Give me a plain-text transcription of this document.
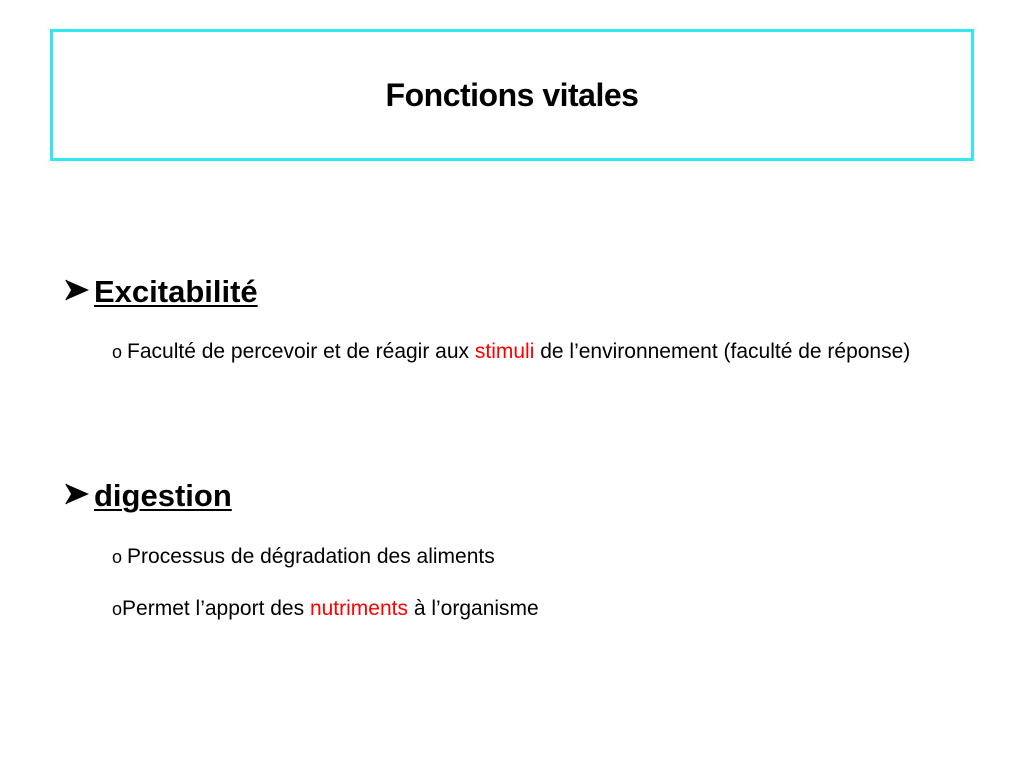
Fonctions vitales
Excitabilité
o Faculté de percevoir et de réagir aux stimuli de l’environnement (faculté de réponse)
digestion
o Processus de dégradation des aliments
oPermet l’apport des nutriments à l’organisme
